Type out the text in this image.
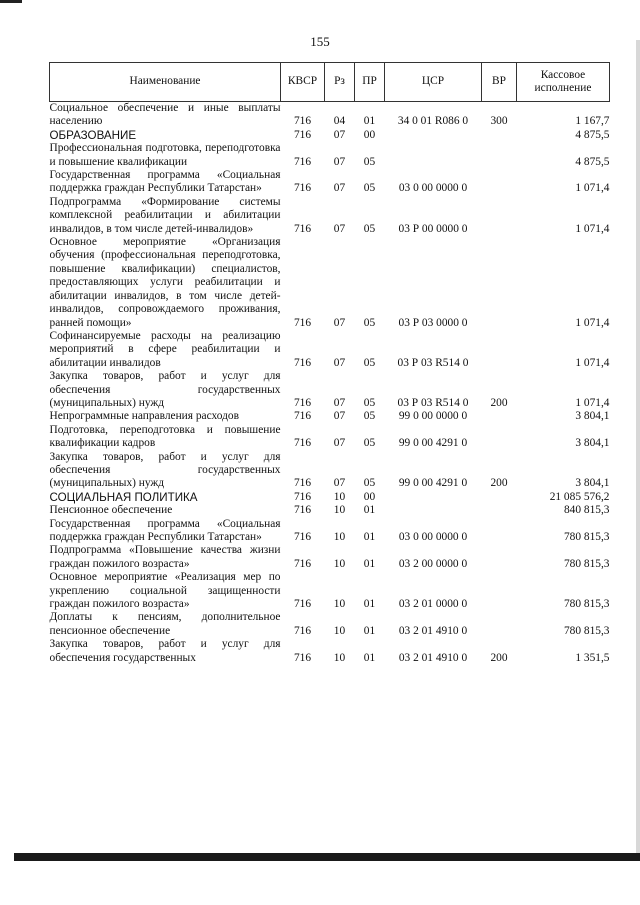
155
Наименование	КВСР	Рз	ПР	ЦСР	ВР	Кассовое исполнение
Социальное обеспечение и иные выплаты населению	716	04	01	34 0 01 R086 0	300	1 167,7
ОБРАЗОВАНИЕ	716	07	00			4 875,5
Профессиональная подготовка, переподготовка и повышение квалификации	716	07	05			4 875,5
Государственная программа «Социальная поддержка граждан Республики Татарстан»	716	07	05	03 0 00 0000 0		1 071,4
Подпрограмма «Формирование системы комплексной реабилитации и абилитации инвалидов, в том числе детей-инвалидов»	716	07	05	03 Р 00 0000 0		1 071,4
Основное мероприятие «Организация обучения (профессиональная переподготовка, повышение квалификации) специалистов, предоставляющих услуги реабилитации и абилитации инвалидов, в том числе детей-инвалидов, сопровождаемого проживания, ранней помощи»	716	07	05	03 Р 03 0000 0		1 071,4
Софинансируемые расходы на реализацию мероприятий в сфере реабилитации и абилитации инвалидов	716	07	05	03 Р 03 R514 0		1 071,4
Закупка товаров, работ и услуг для обеспечения государственных (муниципальных) нужд	716	07	05	03 Р 03 R514 0	200	1 071,4
Непрограммные направления расходов	716	07	05	99 0 00 0000 0		3 804,1
Подготовка, переподготовка и повышение квалификации кадров	716	07	05	99 0 00 4291 0		3 804,1
Закупка товаров, работ и услуг для обеспечения государственных (муниципальных) нужд	716	07	05	99 0 00 4291 0	200	3 804,1
СОЦИАЛЬНАЯ ПОЛИТИКА	716	10	00			21 085 576,2
Пенсионное обеспечение	716	10	01			840 815,3
Государственная программа «Социальная поддержка граждан Республики Татарстан»	716	10	01	03 0 00 0000 0		780 815,3
Подпрограмма «Повышение качества жизни граждан пожилого возраста»	716	10	01	03 2 00 0000 0		780 815,3
Основное мероприятие «Реализация мер по укреплению социальной защищенности граждан пожилого возраста»	716	10	01	03 2 01 0000 0		780 815,3
Доплаты к пенсиям, дополнительное пенсионное обеспечение	716	10	01	03 2 01 4910 0		780 815,3
Закупка товаров, работ и услуг для обеспечения государственных	716	10	01	03 2 01 4910 0	200	1 351,5
